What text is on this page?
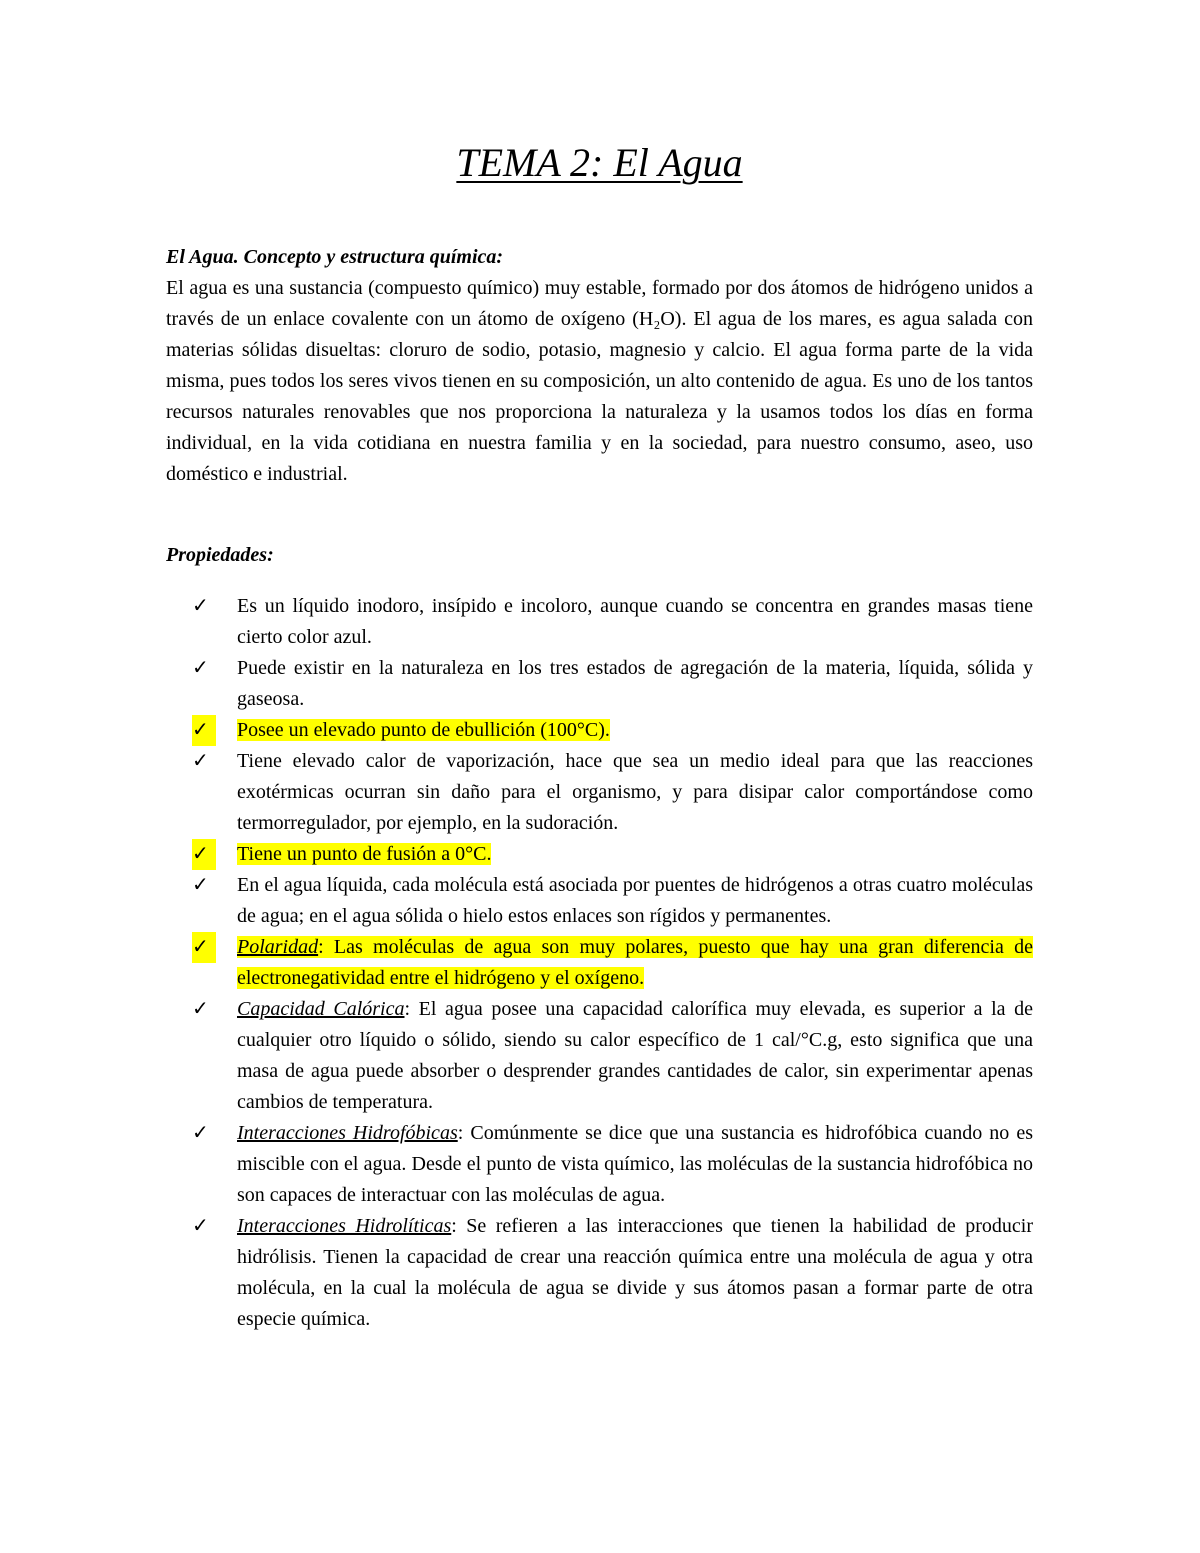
TEMA 2: El Agua

El Agua. Concepto y estructura química:

El agua es una sustancia (compuesto químico) muy estable, formado por dos átomos de hidrógeno unidos a través de un enlace covalente con un átomo de oxígeno (H₂O). El agua de los mares, es agua salada con materias sólidas disueltas: cloruro de sodio, potasio, magnesio y calcio. El agua forma parte de la vida misma, pues todos los seres vivos tienen en su composición, un alto contenido de agua. Es uno de los tantos recursos naturales renovables que nos proporciona la naturaleza y la usamos todos los días en forma individual, en la vida cotidiana en nuestra familia y en la sociedad, para nuestro consumo, aseo, uso doméstico e industrial.

Propiedades:

✓	Es un líquido inodoro, insípido e incoloro, aunque cuando se concentra en grandes masas tiene cierto color azul.
✓	Puede existir en la naturaleza en los tres estados de agregación de la materia, líquida, sólida y gaseosa.
✓	Posee un elevado punto de ebullición (100°C).
✓	Tiene elevado calor de vaporización, hace que sea un medio ideal para que las reacciones exotérmicas ocurran sin daño para el organismo, y para disipar calor comportándose como termorregulador, por ejemplo, en la sudoración.
✓	Tiene un punto de fusión a 0°C.
✓	En el agua líquida, cada molécula está asociada por puentes de hidrógenos a otras cuatro moléculas de agua; en el agua sólida o hielo estos enlaces son rígidos y permanentes.
✓	Polaridad: Las moléculas de agua son muy polares, puesto que hay una gran diferencia de electronegatividad entre el hidrógeno y el oxígeno.
✓	Capacidad Calórica: El agua posee una capacidad calorífica muy elevada, es superior a la de cualquier otro líquido o sólido, siendo su calor específico de 1 cal/°C.g, esto significa que una masa de agua puede absorber o desprender grandes cantidades de calor, sin experimentar apenas cambios de temperatura.
✓	Interacciones Hidrofóbicas: Comúnmente se dice que una sustancia es hidrofóbica cuando no es miscible con el agua. Desde el punto de vista químico, las moléculas de la sustancia hidrofóbica no son capaces de interactuar con las moléculas de agua.
✓	Interacciones Hidrolíticas: Se refieren a las interacciones que tienen la habilidad de producir hidrólisis. Tienen la capacidad de crear una reacción química entre una molécula de agua y otra molécula, en la cual la molécula de agua se divide y sus átomos pasan a formar parte de otra especie química.
